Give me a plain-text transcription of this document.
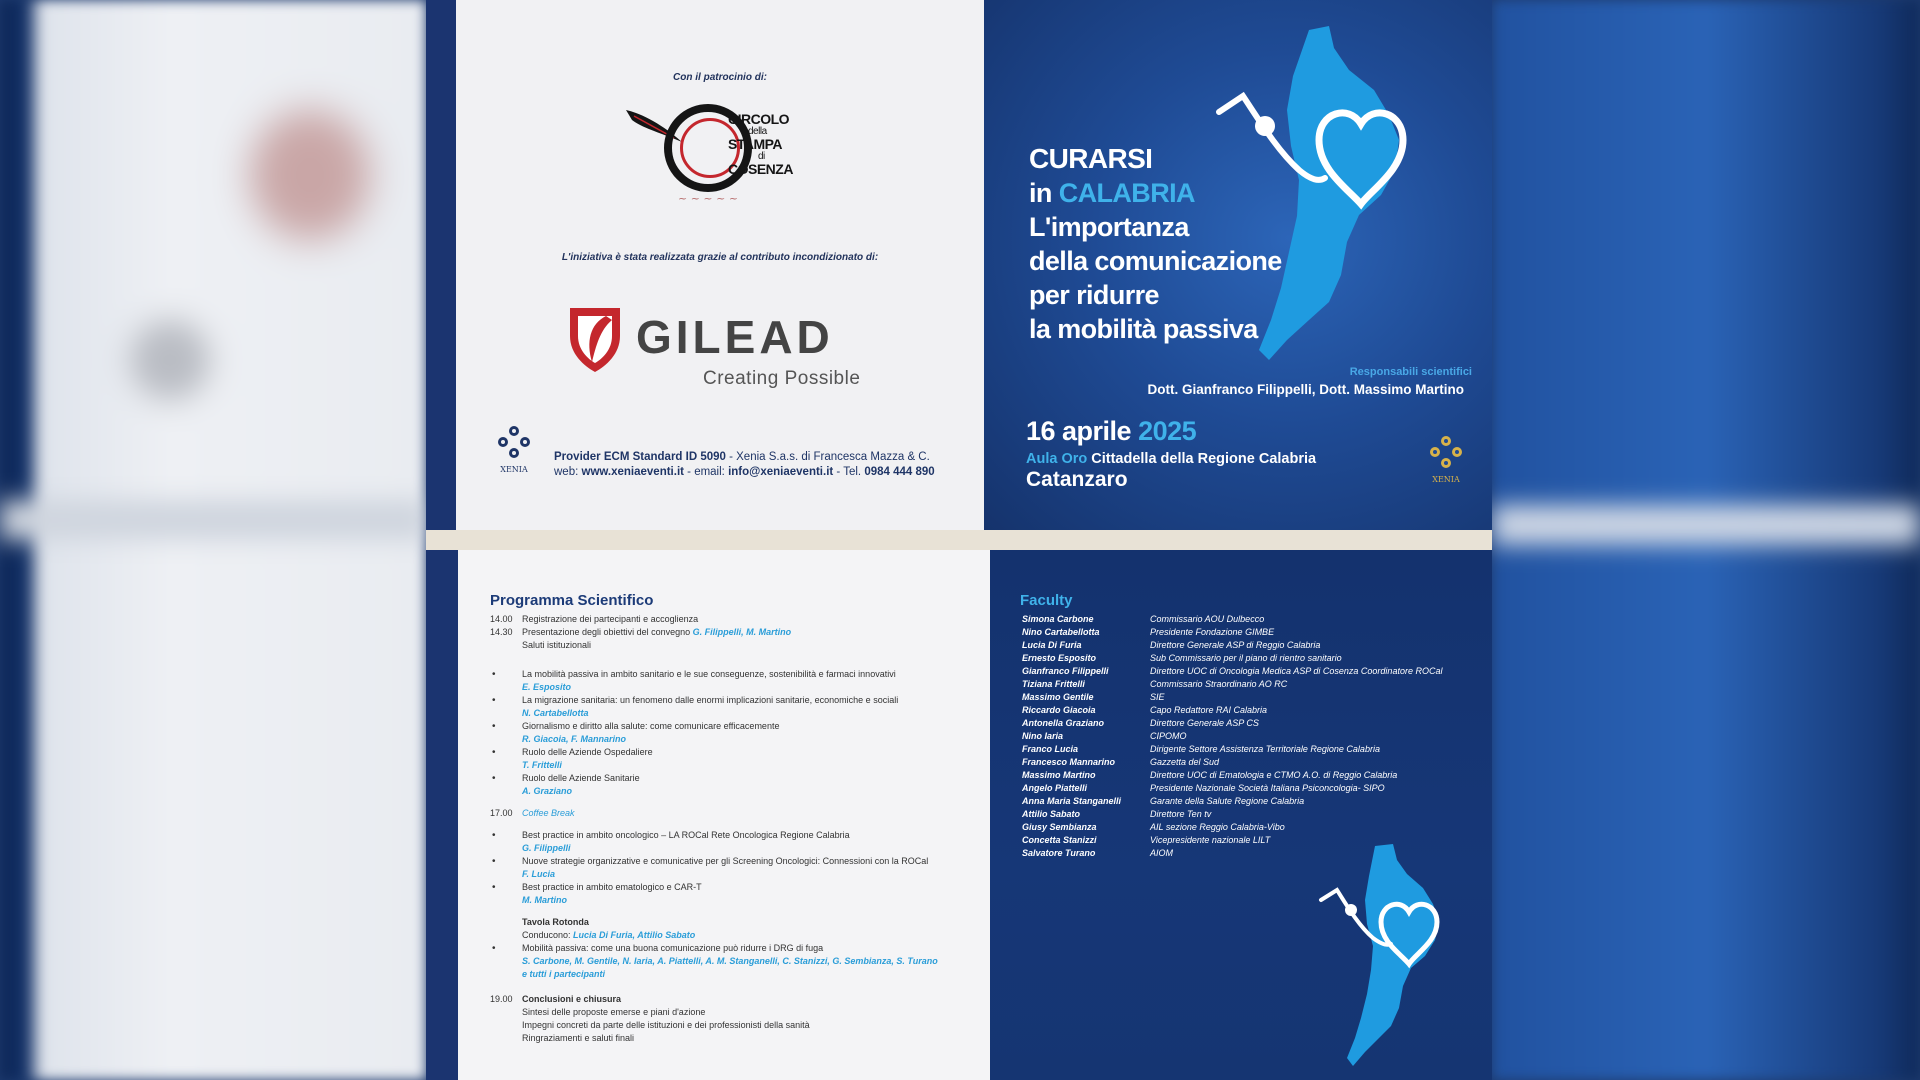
Con il patrocinio di:
CIRCOLO
della
STAMPA
di
COSENZA
~ ~ ~ ~ ~
L'iniziativa è stata realizzata grazie al contributo incondizionato di:
GILEAD
Creating Possible
XENIA
Provider ECM Standard ID 5090 - Xenia S.a.s. di Francesca Mazza & C.
web: www.xeniaeventi.it - email: info@xeniaeventi.it - Tel. 0984 444 890
CURARSI
in CALABRIA
L'importanza
della comunicazione
per ridurre
la mobilità passiva
Responsabili scientifici
Dott. Gianfranco Filippelli, Dott. Massimo Martino
16 aprile 2025
Aula Oro Cittadella della Regione Calabria
Catanzaro	XENIA
Programma Scientifico
14.00 Registrazione dei partecipanti e accoglienza
14.30 Presentazione degli obiettivi del convegno G. Filippelli, M. Martino
Saluti istituzionali
•	La mobilità passiva in ambito sanitario e le sue conseguenze, sostenibilità e farmaci innovativi
E. Esposito
•	La migrazione sanitaria: un fenomeno dalle enormi implicazioni sanitarie, economiche e sociali
N. Cartabellotta
•	Giornalismo e diritto alla salute: come comunicare efficacemente
R. Giacoia, F. Mannarino
•	Ruolo delle Aziende Ospedaliere
T. Frittelli
•	Ruolo delle Aziende Sanitarie
A. Graziano
17.00 Coffee Break
•	Best practice in ambito oncologico – LA ROCal Rete Oncologica Regione Calabria
G. Filippelli
•	Nuove strategie organizzative e comunicative per gli Screening Oncologici: Connessioni con la ROCal
F. Lucia
•	Best practice in ambito ematologico e CAR-T
M. Martino
Tavola Rotonda
Conducono: Lucia Di Furia, Attilio Sabato
•	Mobilità passiva: come una buona comunicazione può ridurre i DRG di fuga
S. Carbone, M. Gentile, N. Iaria, A. Piattelli, A. M. Stanganelli, C. Stanizzi, G. Sembianza, S. Turano
e tutti i partecipanti
19.00 Conclusioni e chiusura
Sintesi delle proposte emerse e piani d'azione
Impegni concreti da parte delle istituzioni e dei professionisti della sanità
Ringraziamenti e saluti finali
Faculty
Simona Carbone	Commissario AOU Dulbecco
Nino Cartabellotta	Presidente Fondazione GIMBE
Lucia Di Furia	Direttore Generale ASP di Reggio Calabria
Ernesto Esposito	Sub Commissario per il piano di rientro sanitario
Gianfranco Filippelli	Direttore UOC di Oncologia Medica ASP di Cosenza Coordinatore ROCal
Tiziana Frittelli	Commissario Straordinario AO RC
Massimo Gentile	SIE
Riccardo Giacoia	Capo Redattore RAI Calabria
Antonella Graziano	Direttore Generale ASP CS
Nino Iaria	CIPOMO
Franco Lucia	Dirigente Settore Assistenza Territoriale Regione Calabria
Francesco Mannarino	Gazzetta del Sud
Massimo Martino	Direttore UOC di Ematologia e CTMO A.O. di Reggio Calabria
Angelo Piattelli	Presidente Nazionale Società Italiana Psiconcologia- SIPO
Anna Maria Stanganelli	Garante della Salute Regione Calabria
Attilio Sabato	Direttore Ten tv
Giusy Sembianza	AIL sezione Reggio Calabria-Vibo
Concetta Stanizzi	Vicepresidente nazionale LILT
Salvatore Turano	AIOM
